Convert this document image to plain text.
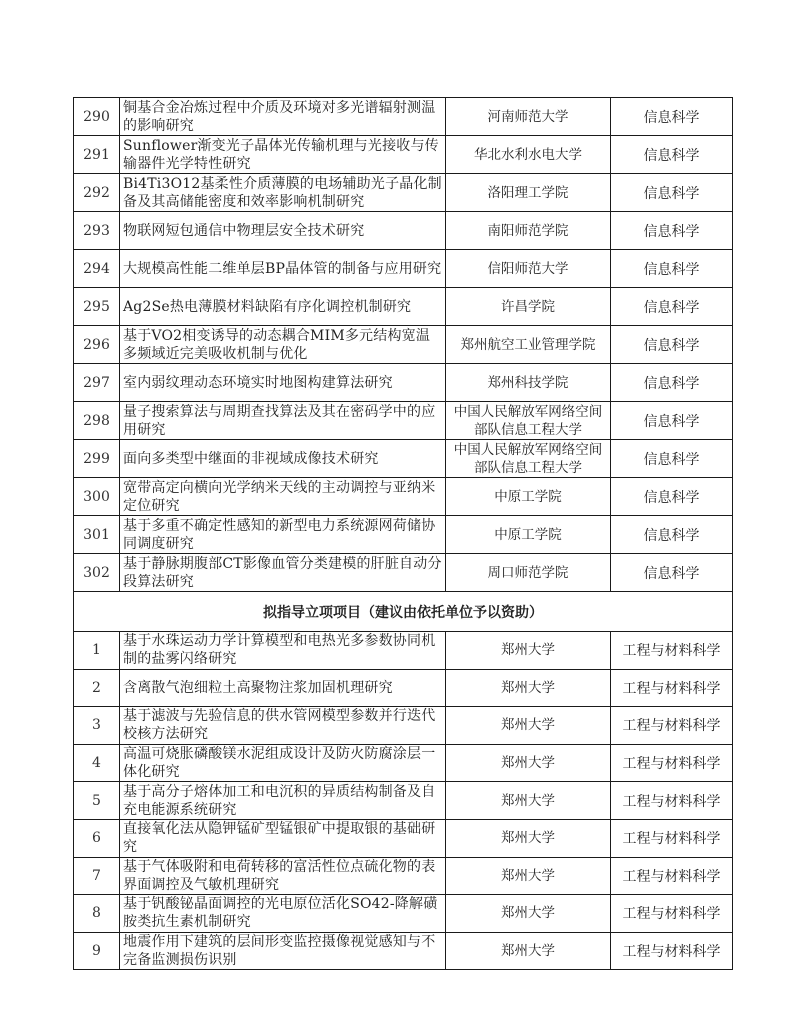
290	铜基合金冶炼过程中介质及环境对多光谱辐射测温的影响研究	河南师范大学	信息科学
291	Sunflower渐变光子晶体光传输机理与光接收与传输器件光学特性研究	华北水利水电大学	信息科学
292	Bi4Ti3O12基柔性介质薄膜的电场辅助光子晶化制备及其高储能密度和效率影响机制研究	洛阳理工学院	信息科学
293	物联网短包通信中物理层安全技术研究	南阳师范学院	信息科学
294	大规模高性能二维单层BP晶体管的制备与应用研究	信阳师范大学	信息科学
295	Ag2Se热电薄膜材料缺陷有序化调控机制研究	许昌学院	信息科学
296	基于VO2相变诱导的动态耦合MIM多元结构宽温多频域近完美吸收机制与优化	郑州航空工业管理学院	信息科学
297	室内弱纹理动态环境实时地图构建算法研究	郑州科技学院	信息科学
298	量子搜索算法与周期查找算法及其在密码学中的应用研究	中国人民解放军网络空间部队信息工程大学	信息科学
299	面向多类型中继面的非视域成像技术研究	中国人民解放军网络空间部队信息工程大学	信息科学
300	宽带高定向横向光学纳米天线的主动调控与亚纳米定位研究	中原工学院	信息科学
301	基于多重不确定性感知的新型电力系统源网荷储协同调度研究	中原工学院	信息科学
302	基于静脉期腹部CT影像血管分类建模的肝脏自动分段算法研究	周口师范学院	信息科学
拟指导立项项目（建议由依托单位予以资助）			
1	基于水珠运动力学计算模型和电热光多参数协同机制的盐雾闪络研究	郑州大学	工程与材料科学
2	含离散气泡细粒土高聚物注浆加固机理研究	郑州大学	工程与材料科学
3	基于滤波与先验信息的供水管网模型参数并行迭代校核方法研究	郑州大学	工程与材料科学
4	高温可烧胀磷酸镁水泥组成设计及防火防腐涂层一体化研究	郑州大学	工程与材料科学
5	基于高分子熔体加工和电沉积的异质结构制备及自充电能源系统研究	郑州大学	工程与材料科学
6	直接氧化法从隐钾锰矿型锰银矿中提取银的基础研究	郑州大学	工程与材料科学
7	基于气体吸附和电荷转移的富活性位点硫化物的表界面调控及气敏机理研究	郑州大学	工程与材料科学
8	基于钒酸铋晶面调控的光电原位活化SO42-降解磺胺类抗生素机制研究	郑州大学	工程与材料科学
9	地震作用下建筑的层间形变监控摄像视觉感知与不完备监测损伤识别	郑州大学	工程与材料科学
